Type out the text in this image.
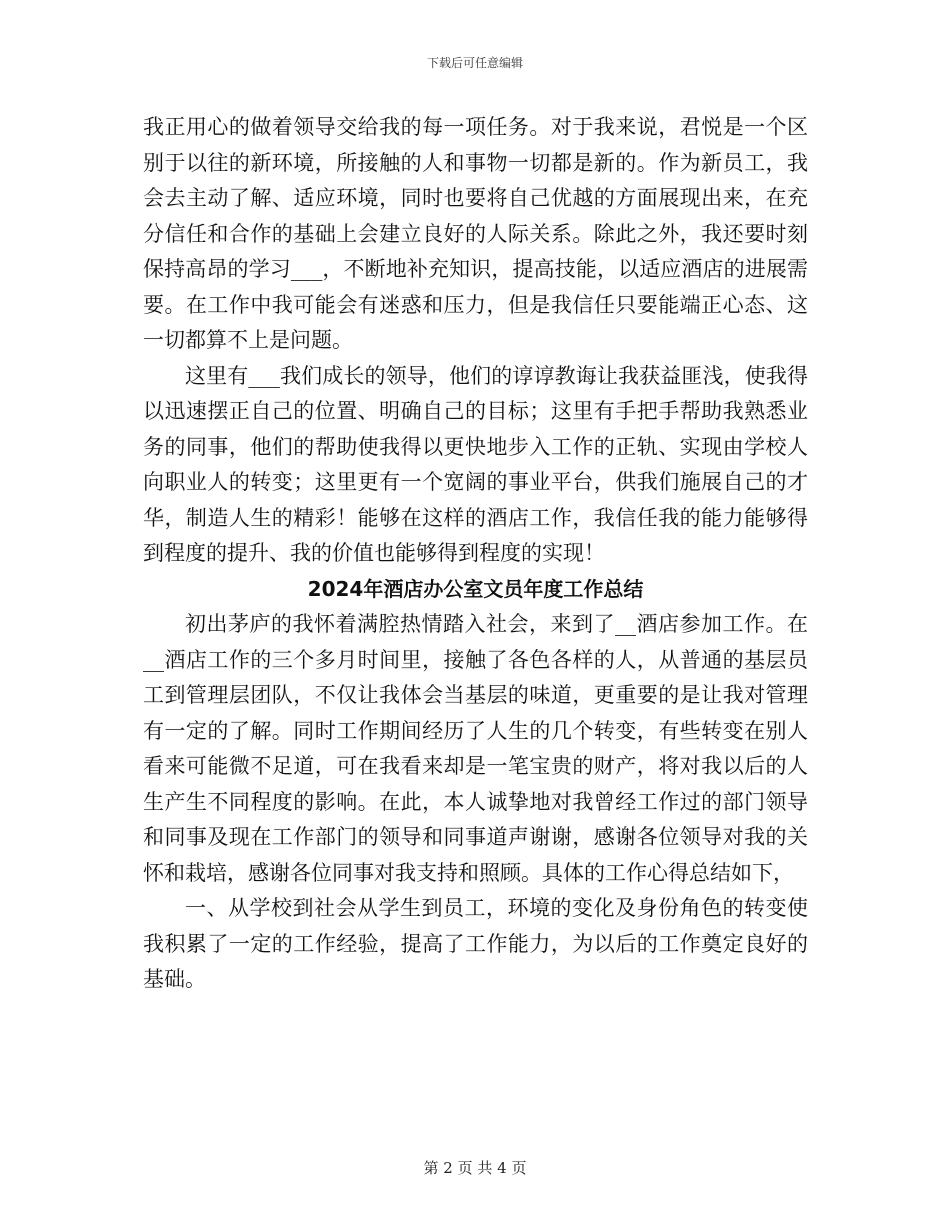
下载后可任意编辑

我正用心的做着领导交给我的每一项任务。对于我来说，君悦是一个区别于以往的新环境，所接触的人和事物一切都是新的。作为新员工，我会去主动了解、适应环境，同时也要将自己优越的方面展现出来，在充分信任和合作的基础上会建立良好的人际关系。除此之外，我还要时刻保持高昂的学习___，不断地补充知识，提高技能，以适应酒店的进展需要。在工作中我可能会有迷惑和压力，但是我信任只要能端正心态、这一切都算不上是问题。

这里有___我们成长的领导，他们的谆谆教诲让我获益匪浅，使我得以迅速摆正自己的位置、明确自己的目标；这里有手把手帮助我熟悉业务的同事，他们的帮助使我得以更快地步入工作的正轨、实现由学校人向职业人的转变；这里更有一个宽阔的事业平台，供我们施展自己的才华，制造人生的精彩！能够在这样的酒店工作，我信任我的能力能够得到程度的提升、我的价值也能够得到程度的实现！

2024年酒店办公室文员年度工作总结

初出茅庐的我怀着满腔热情踏入社会，来到了__酒店参加工作。在__酒店工作的三个多月时间里，接触了各色各样的人，从普通的基层员工到管理层团队，不仅让我体会当基层的味道，更重要的是让我对管理有一定的了解。同时工作期间经历了人生的几个转变，有些转变在别人看来可能微不足道，可在我看来却是一笔宝贵的财产，将对我以后的人生产生不同程度的影响。在此，本人诚挚地对我曾经工作过的部门领导和同事及现在工作部门的领导和同事道声谢谢，感谢各位领导对我的关怀和栽培，感谢各位同事对我支持和照顾。具体的工作心得总结如下，

一、从学校到社会从学生到员工，环境的变化及身份角色的转变使我积累了一定的工作经验，提高了工作能力，为以后的工作奠定良好的基础。

第 2 页 共 4 页
